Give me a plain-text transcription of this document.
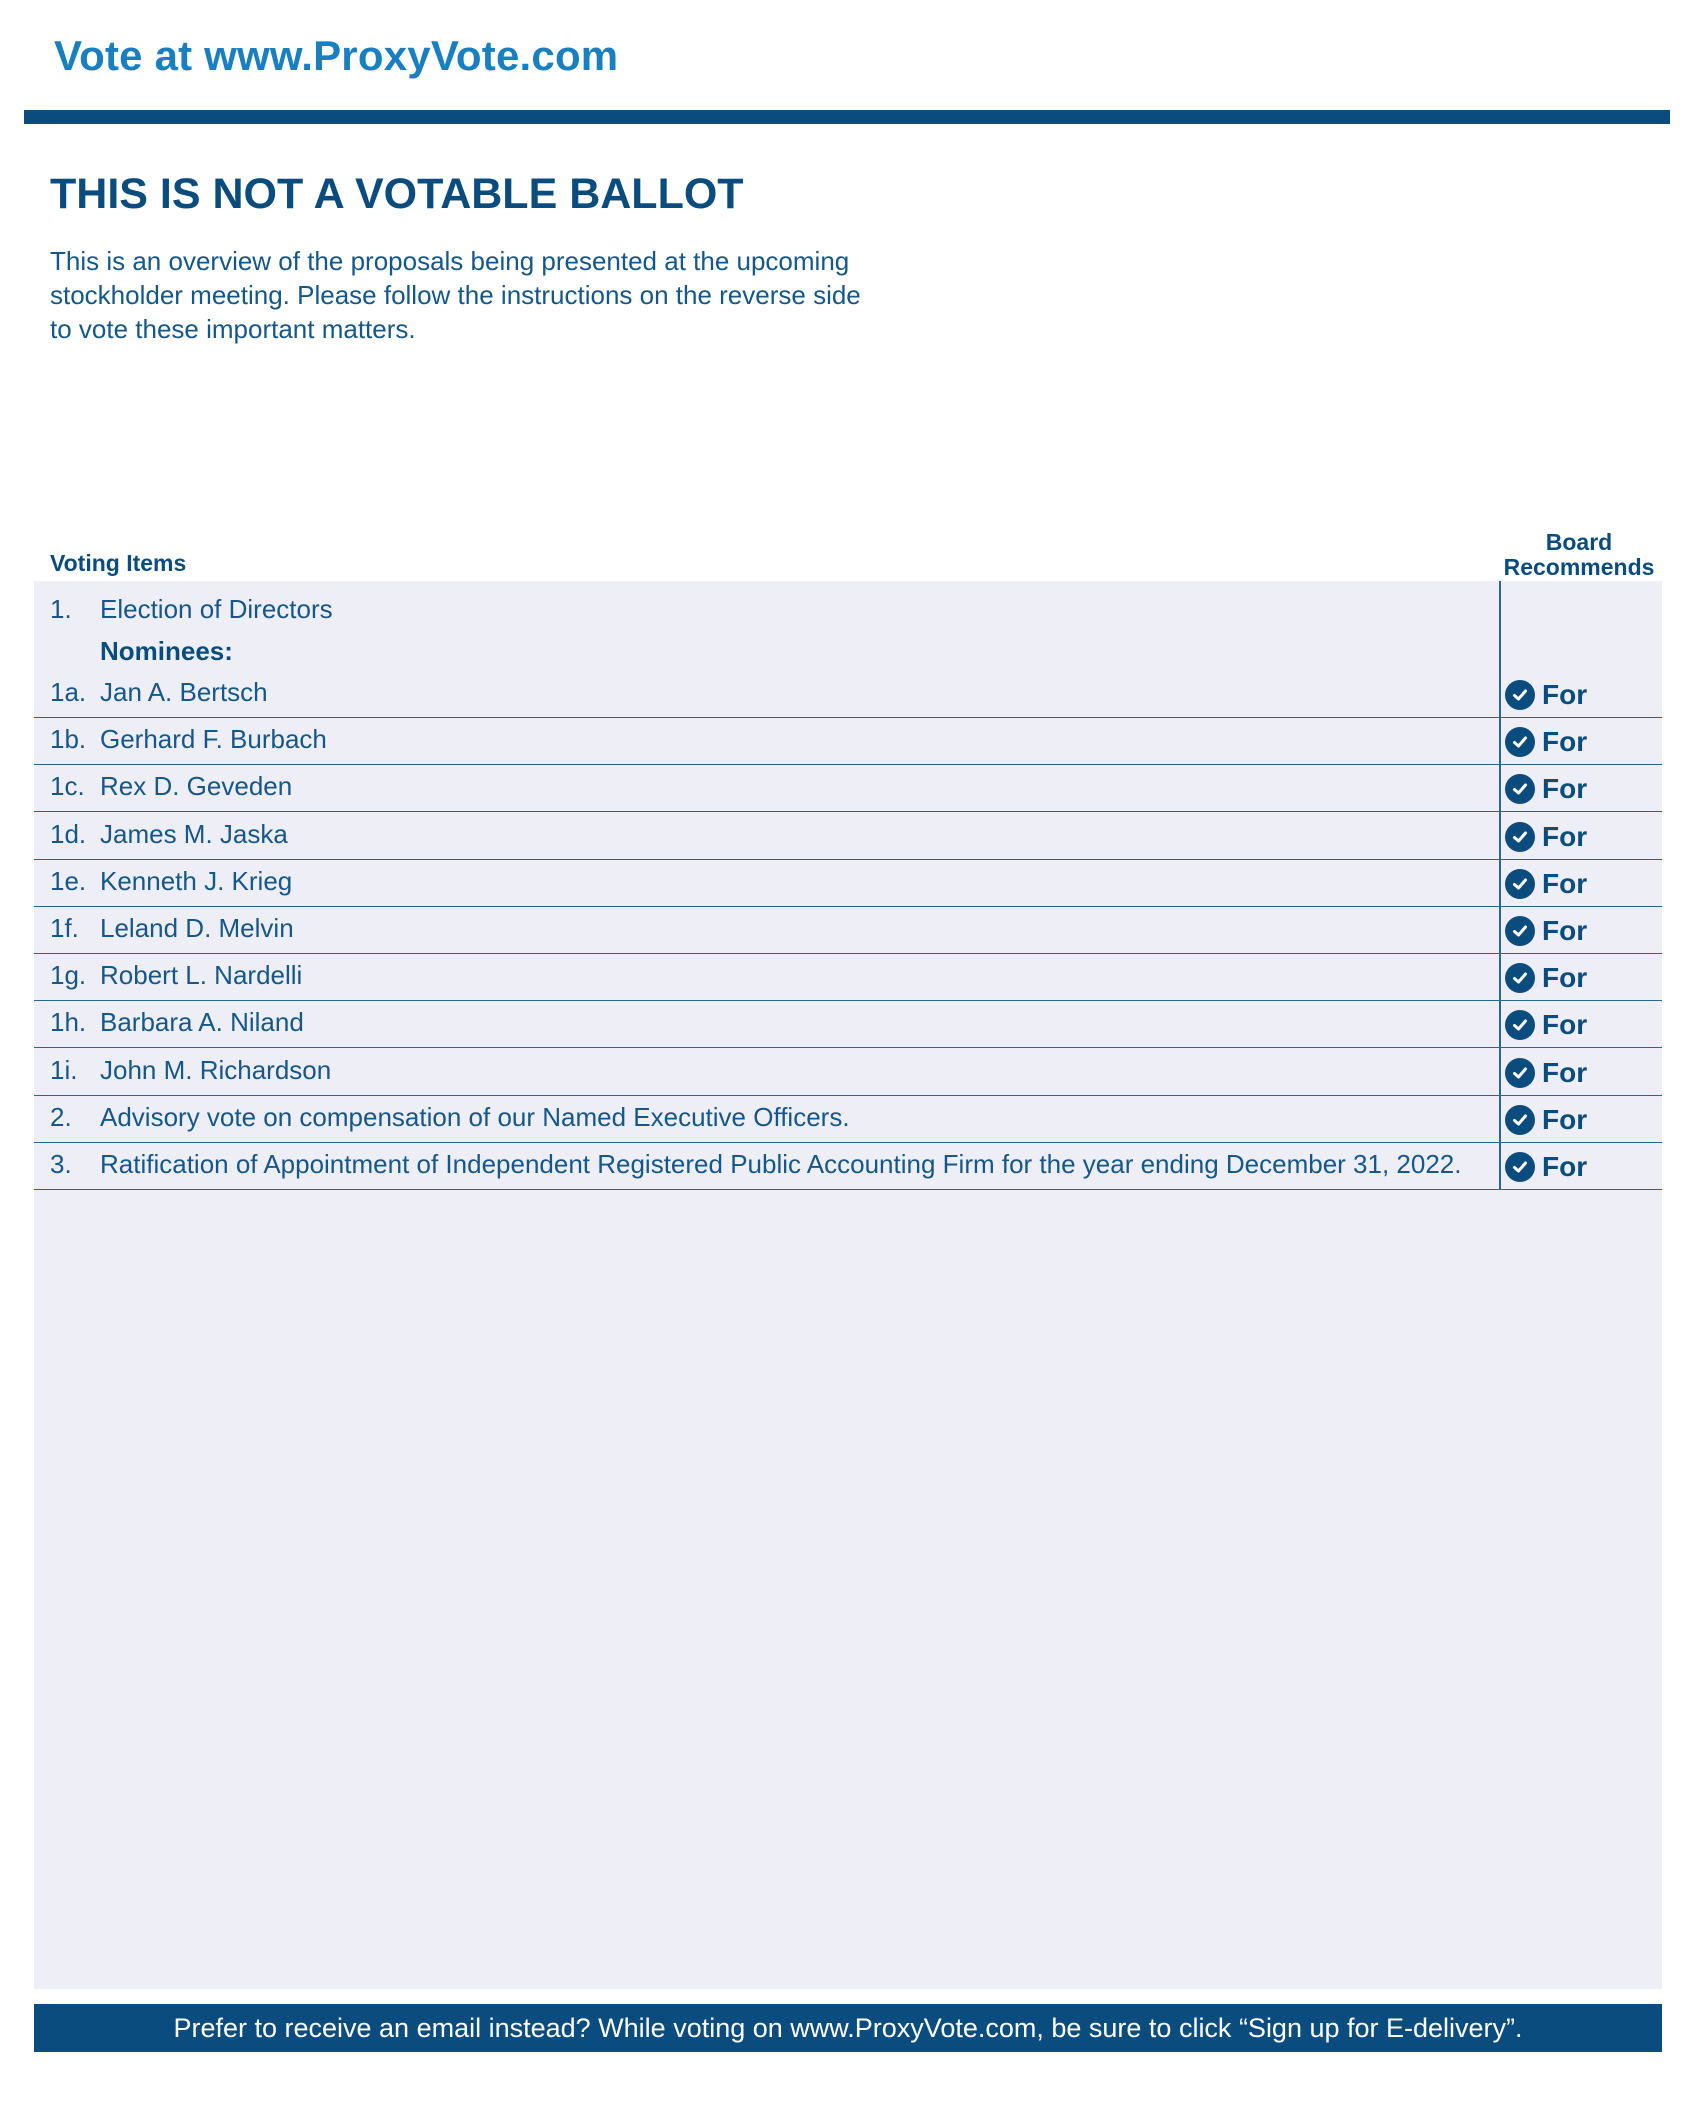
Vote at www.ProxyVote.com
THIS IS NOT A VOTABLE BALLOT
This is an overview of the proposals being presented at the upcoming stockholder meeting. Please follow the instructions on the reverse side to vote these important matters.
Voting Items
Board Recommends
1. Election of Directors
Nominees:
1a. Jan A. Bertsch	For
1b. Gerhard F. Burbach	For
1c. Rex D. Geveden	For
1d. James M. Jaska	For
1e. Kenneth J. Krieg	For
1f. Leland D. Melvin	For
1g. Robert L. Nardelli	For
1h. Barbara A. Niland	For
1i. John M. Richardson	For
2. Advisory vote on compensation of our Named Executive Officers.	For
3. Ratification of Appointment of Independent Registered Public Accounting Firm for the year ending December 31, 2022.	For
Prefer to receive an email instead? While voting on www.ProxyVote.com, be sure to click “Sign up for E-delivery”.
